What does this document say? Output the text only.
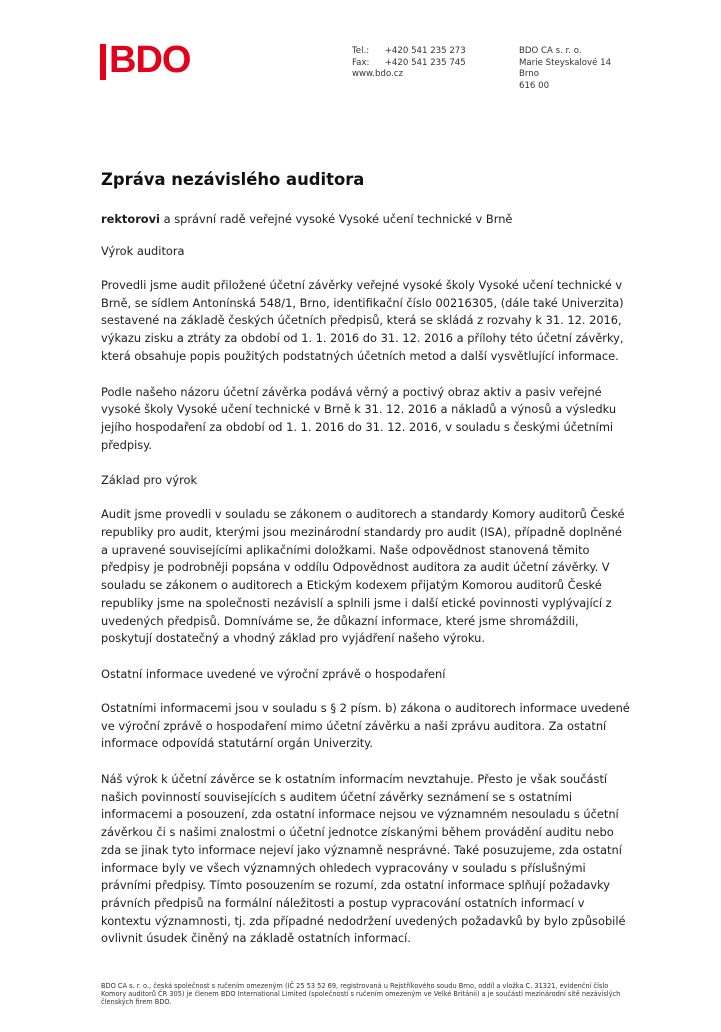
BDO	Tel.: +420 541 235 273
Fax: +420 541 235 745
www.bdo.cz
BDO CA s. r. o.
Marie Steyskalové 14
Brno
616 00
Zpráva nezávislého auditora
rektorovi a správní radě veřejné vysoké Vysoké učení technické v Brně
Výrok auditora

Provedli jsme audit přiložené účetní závěrky veřejné vysoké školy Vysoké učení technické v Brně, se sídlem Antonínská 548/1, Brno, identifikační číslo 00216305, (dále také Univerzita) sestavené na základě českých účetních předpisů, která se skládá z rozvahy k 31. 12. 2016, výkazu zisku a ztráty za období od 1. 1. 2016 do 31. 12. 2016 a přílohy této účetní závěrky, která obsahuje popis použitých podstatných účetních metod a další vysvětlující informace.

Podle našeho názoru účetní závěrka podává věrný a poctivý obraz aktiv a pasiv veřejné vysoké školy Vysoké učení technické v Brně k 31. 12. 2016 a nákladů a výnosů a výsledku jejího hospodaření za období od 1. 1. 2016 do 31. 12. 2016, v souladu s českými účetními předpisy.

Základ pro výrok

Audit jsme provedli v souladu se zákonem o auditorech a standardy Komory auditorů České republiky pro audit, kterými jsou mezinárodní standardy pro audit (ISA), případně doplněné a upravené souvisejícími aplikačními doložkami. Naše odpovědnost stanovená těmito předpisy je podrobněji popsána v oddílu Odpovědnost auditora za audit účetní závěrky. V souladu se zákonem o auditorech a Etickým kodexem přijatým Komorou auditorů České republiky jsme na společnosti nezávislí a splnili jsme i další etické povinnosti vyplývající z uvedených předpisů. Domníváme se, že důkazní informace, které jsme shromáždili, poskytují dostatečný a vhodný základ pro vyjádření našeho výroku.

Ostatní informace uvedené ve výroční zprávě o hospodaření

Ostatními informacemi jsou v souladu s § 2 písm. b) zákona o auditorech informace uvedené ve výroční zprávě o hospodaření mimo účetní závěrku a naši zprávu auditora. Za ostatní informace odpovídá statutární orgán Univerzity.

Náš výrok k účetní závěrce se k ostatním informacím nevztahuje. Přesto je však součástí našich povinností souvisejících s auditem účetní závěrky seznámení se s ostatními informacemi a posouzení, zda ostatní informace nejsou ve významném nesouladu s účetní závěrkou či s našimi znalostmi o účetní jednotce získanými během provádění auditu nebo zda se jinak tyto informace nejeví jako významně nesprávné. Také posuzujeme, zda ostatní informace byly ve všech významných ohledech vypracovány v souladu s příslušnými právními předpisy. Tímto posouzením se rozumí, zda ostatní informace splňují požadavky právních předpisů na formální náležitosti a postup vypracování ostatních informací v kontextu významnosti, tj. zda případné nedodržení uvedených požadavků by bylo způsobilé ovlivnit úsudek činěný na základě ostatních informací.

BDO CA s. r. o., česká společnost s ručením omezeným (IČ 25 53 52 69, registrovaná u Rejstříkového soudu Brno, oddíl a vložka C. 31321, evidenční číslo Komory auditorů ČR 305) je členem BDO International Limited (společnosti s ručením omezeným ve Velké Británii) a je součástí mezinárodní sítě nezávislých členských firem BDO.
